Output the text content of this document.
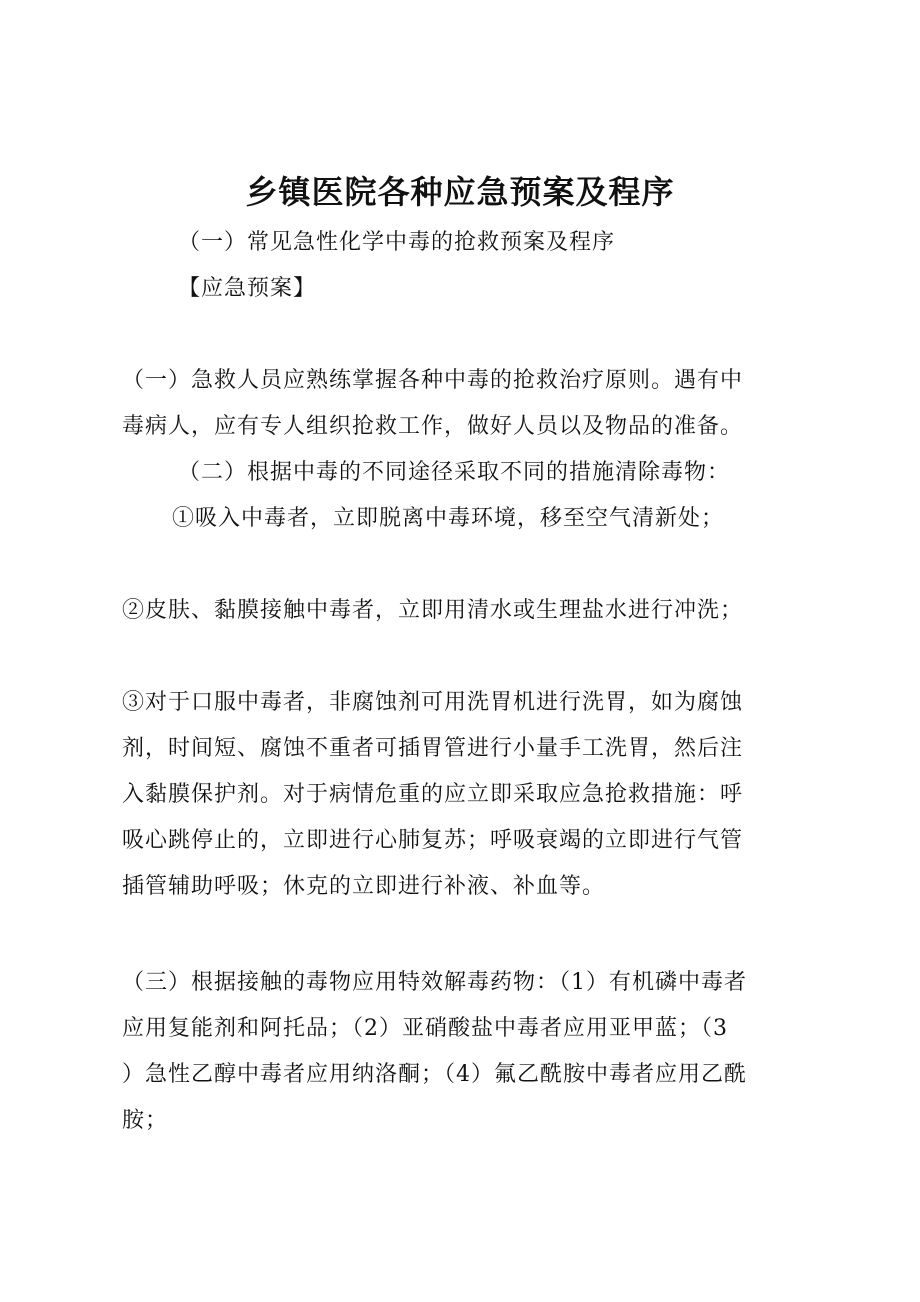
乡镇医院各种应急预案及程序
（一）常见急性化学中毒的抢救预案及程序
【应急预案】
（一）急救人员应熟练掌握各种中毒的抢救治疗原则。遇有中
毒病人，应有专人组织抢救工作，做好人员以及物品的准备。
（二）根据中毒的不同途径采取不同的措施清除毒物：
①吸入中毒者，立即脱离中毒环境，移至空气清新处；
②皮肤、黏膜接触中毒者，立即用清水或生理盐水进行冲洗；
③对于口服中毒者，非腐蚀剂可用洗胃机进行洗胃，如为腐蚀
剂，时间短、腐蚀不重者可插胃管进行小量手工洗胃，然后注
入黏膜保护剂。对于病情危重的应立即采取应急抢救措施：呼
吸心跳停止的，立即进行心肺复苏；呼吸衰竭的立即进行气管
插管辅助呼吸；休克的立即进行补液、补血等。
（三）根据接触的毒物应用特效解毒药物：（1）有机磷中毒者
应用复能剂和阿托品；（2）亚硝酸盐中毒者应用亚甲蓝；（3
）急性乙醇中毒者应用纳洛酮；（4）氟乙酰胺中毒者应用乙酰
胺；
